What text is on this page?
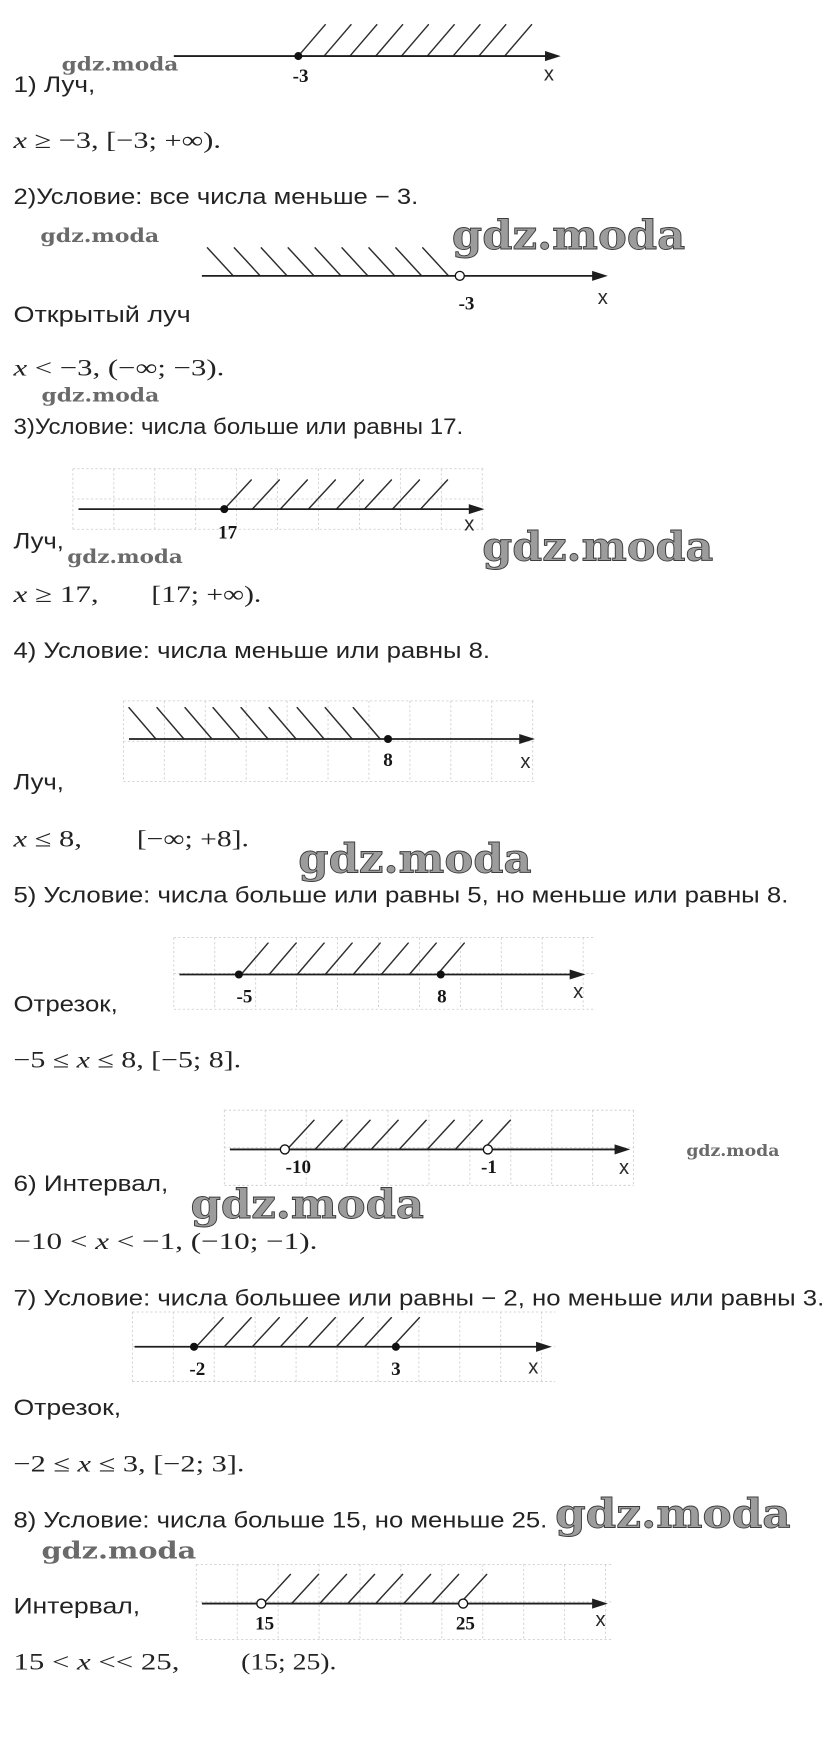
-3	x
-3	x
17	x
8	x
-5	8	x
-10	-1	x
-2	3	x
15	25	x
1) Луч,
x ≥ −3, [−3; +∞).
2)Условие: все числа меньше − 3.
Открытый луч
x < −3, (−∞; −3).
3)Условие: числа больше или равны 17.
Луч,
x ≥ 17,	[17; +∞).
4) Условие: числа меньше или равны 8.
Луч,
x ≤ 8,	[−∞; +8].
5) Условие: числа больше или равны 5, но меньше или равны 8.
Отрезок,
−5 ≤ x ≤ 8, [−5; 8].
6) Интервал,
−10 < x < −1, (−10; −1).
7) Условие: числа большее или равны − 2, но меньше или равны 3.
Отрезок,
−2 ≤ x ≤ 3, [−2; 3].
8) Условие: числа больше 15, но меньше 25.
Интервал,
15 < x << 25,	(15; 25).
gdz.moda
gdz.moda	gdz.moda
gdz.moda
gdz.moda	gdz.moda
gdz.moda
gdz.moda
gdz.moda
gdz.moda
gdz.moda
